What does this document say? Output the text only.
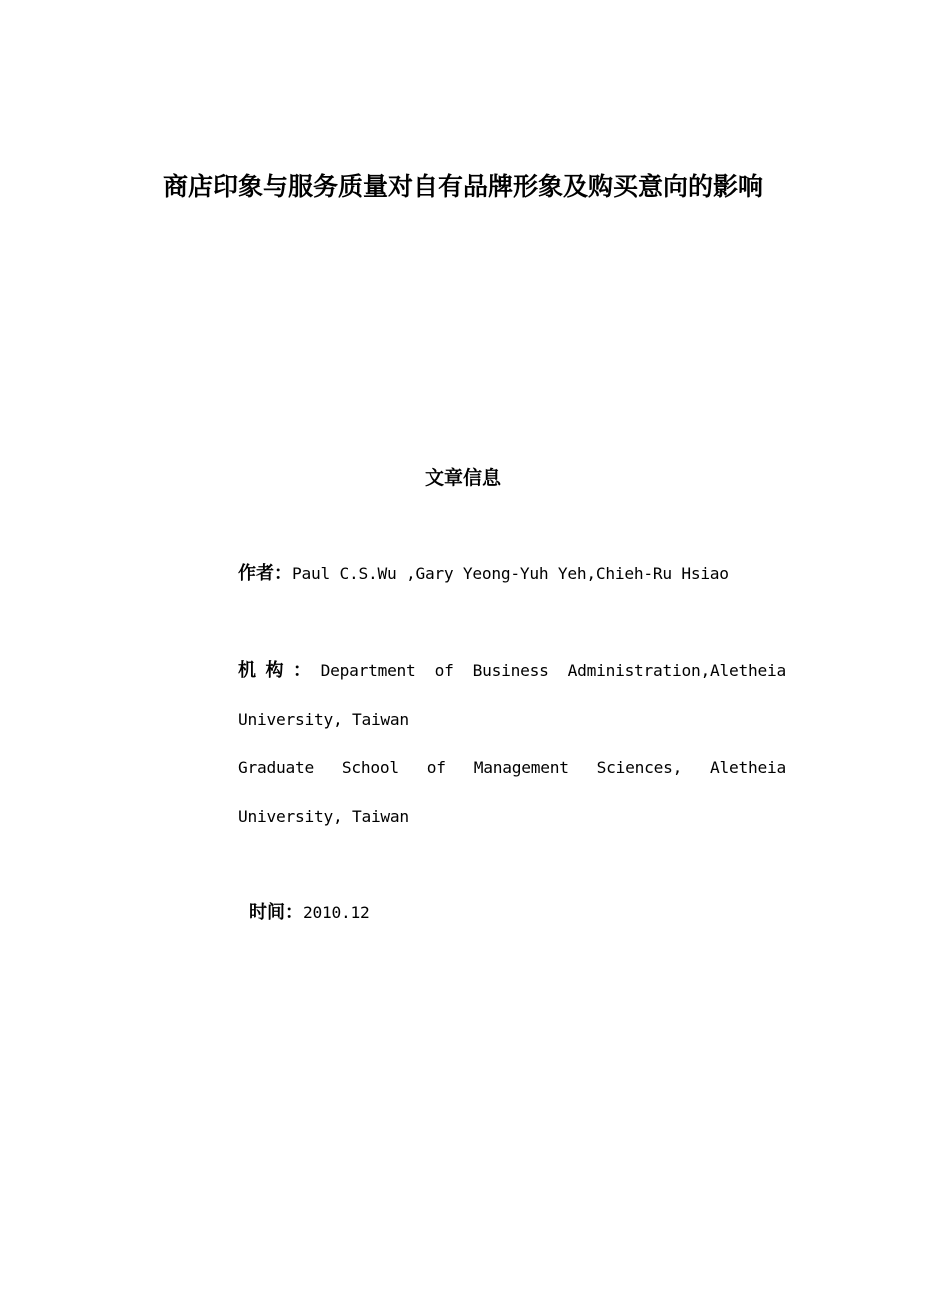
商店印象与服务质量对自有品牌形象及购买意向的影响
文章信息
作者：Paul C.S.Wu ,Gary Yeong-Yuh Yeh,Chieh-Ru Hsiao
机构：Department of Business Administration,Aletheia University, Taiwan
Graduate School of Management Sciences, Aletheia University, Taiwan
时间：2010.12
